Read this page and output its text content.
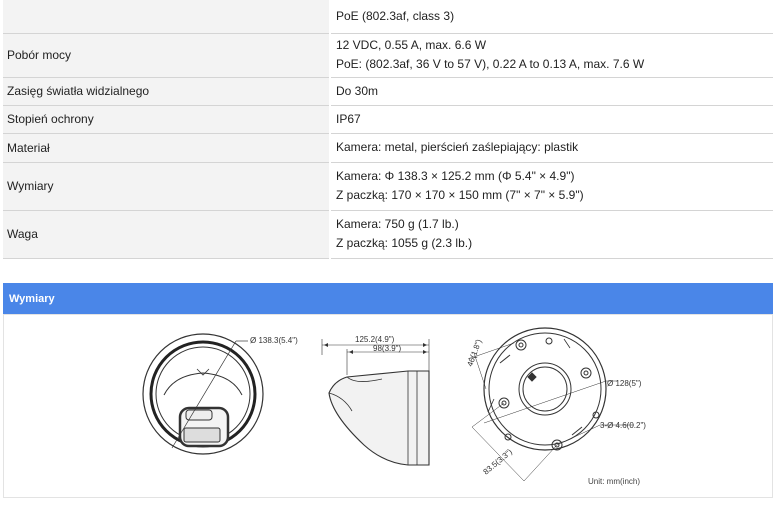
	PoE (802.3af, class 3)

Pobór mocy	12 VDC, 0.55 A, max. 6.6 W
PoE: (802.3af, 36 V to 57 V), 0.22 A to 0.13 A, max. 7.6 W

Zasięg światła widzialnego	Do 30m

Stopień ochrony	IP67

Materiał	Kamera: metal, pierścień zaślepiający: plastik

Wymiary	Kamera: Φ 138.3 × 125.2 mm (Φ 5.4" × 4.9")
Z paczką: 170 × 170 × 150 mm (7" × 7" × 5.9")

Waga	Kamera: 750 g (1.7 lb.)
Z paczką: 1055 g (2.3 lb.)
Wymiary
Ø 138.3(5.4")	125.2(4.9")
98(3.9")
Ø 128(5")
3-Ø 4.6(0.2")
46(1.8")
83.5(3.3")
Unit: mm(inch)
